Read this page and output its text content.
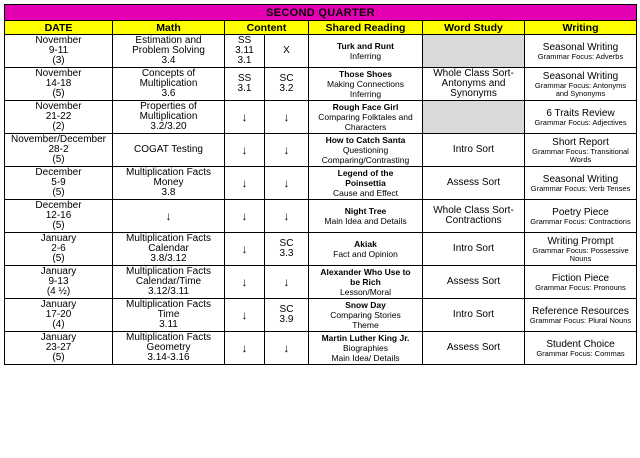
SECOND QUARTER						
DATE	Math	Content		Shared Reading	Word Study	Writing

November
9-11
(3)	Estimation and
Problem Solving
3.4	SS
3.11
3.1	X	Turk and Runt
Inferring		Seasonal Writing
Grammar Focus: Adverbs

November
14-18
(5)	Concepts of
Multiplication
3.6	SS
3.1	SC
3.2	Those Shoes
Making Connections
Inferring	Whole Class Sort-
Antonyms and
Synonyms	Seasonal Writing
Grammar Focus: Antonyms
and Synonyms

November
21-22
(2)	Properties of
Multiplication
3.2/3.20	↓	↓	Rough Face Girl
Comparing Folktales and
Characters		6 Traits Review
Grammar Focus: Adjectives

November/December
28-2
(5)	COGAT Testing	↓	↓	How to Catch Santa
Questioning
Comparing/Contrasting	Intro Sort	Short Report
Grammar Focus: Transitional
Words

December
5-9
(5)	Multiplication Facts
Money
3.8	↓	↓	Legend of the
Poinsettia
Cause and Effect	Assess Sort	Seasonal Writing
Grammar Focus: Verb Tenses

December
12-16
(5)	↓	↓	↓	Night Tree
Main Idea and Details	Whole Class Sort-
Contractions	Poetry Piece
Grammar Focus: Contractions

January
2-6
(5)	Multiplication Facts
Calendar
3.8/3.12	↓	SC
3.3	Akiak
Fact and Opinion	Intro Sort	Writing Prompt
Grammar Focus: Possessive
Nouns

January
9-13
(4 ½)	Multiplication Facts
Calendar/Time
3.12/3.11	↓	↓	Alexander Who Use to
be Rich
Lesson/Moral	Assess Sort	Fiction Piece
Grammar Focus: Pronouns

January
17-20
(4)	Multiplication Facts
Time
3.11	↓	SC
3.9	Snow Day
Comparing Stories
Theme	Intro Sort	Reference Resources
Grammar Focus: Plural Nouns

January
23-27
(5)	Multiplication Facts
Geometry
3.14-3.16	↓	↓	Martin Luther King Jr.
Biographies
Main Idea/ Details	Assess Sort	Student Choice
Grammar Focus: Commas
